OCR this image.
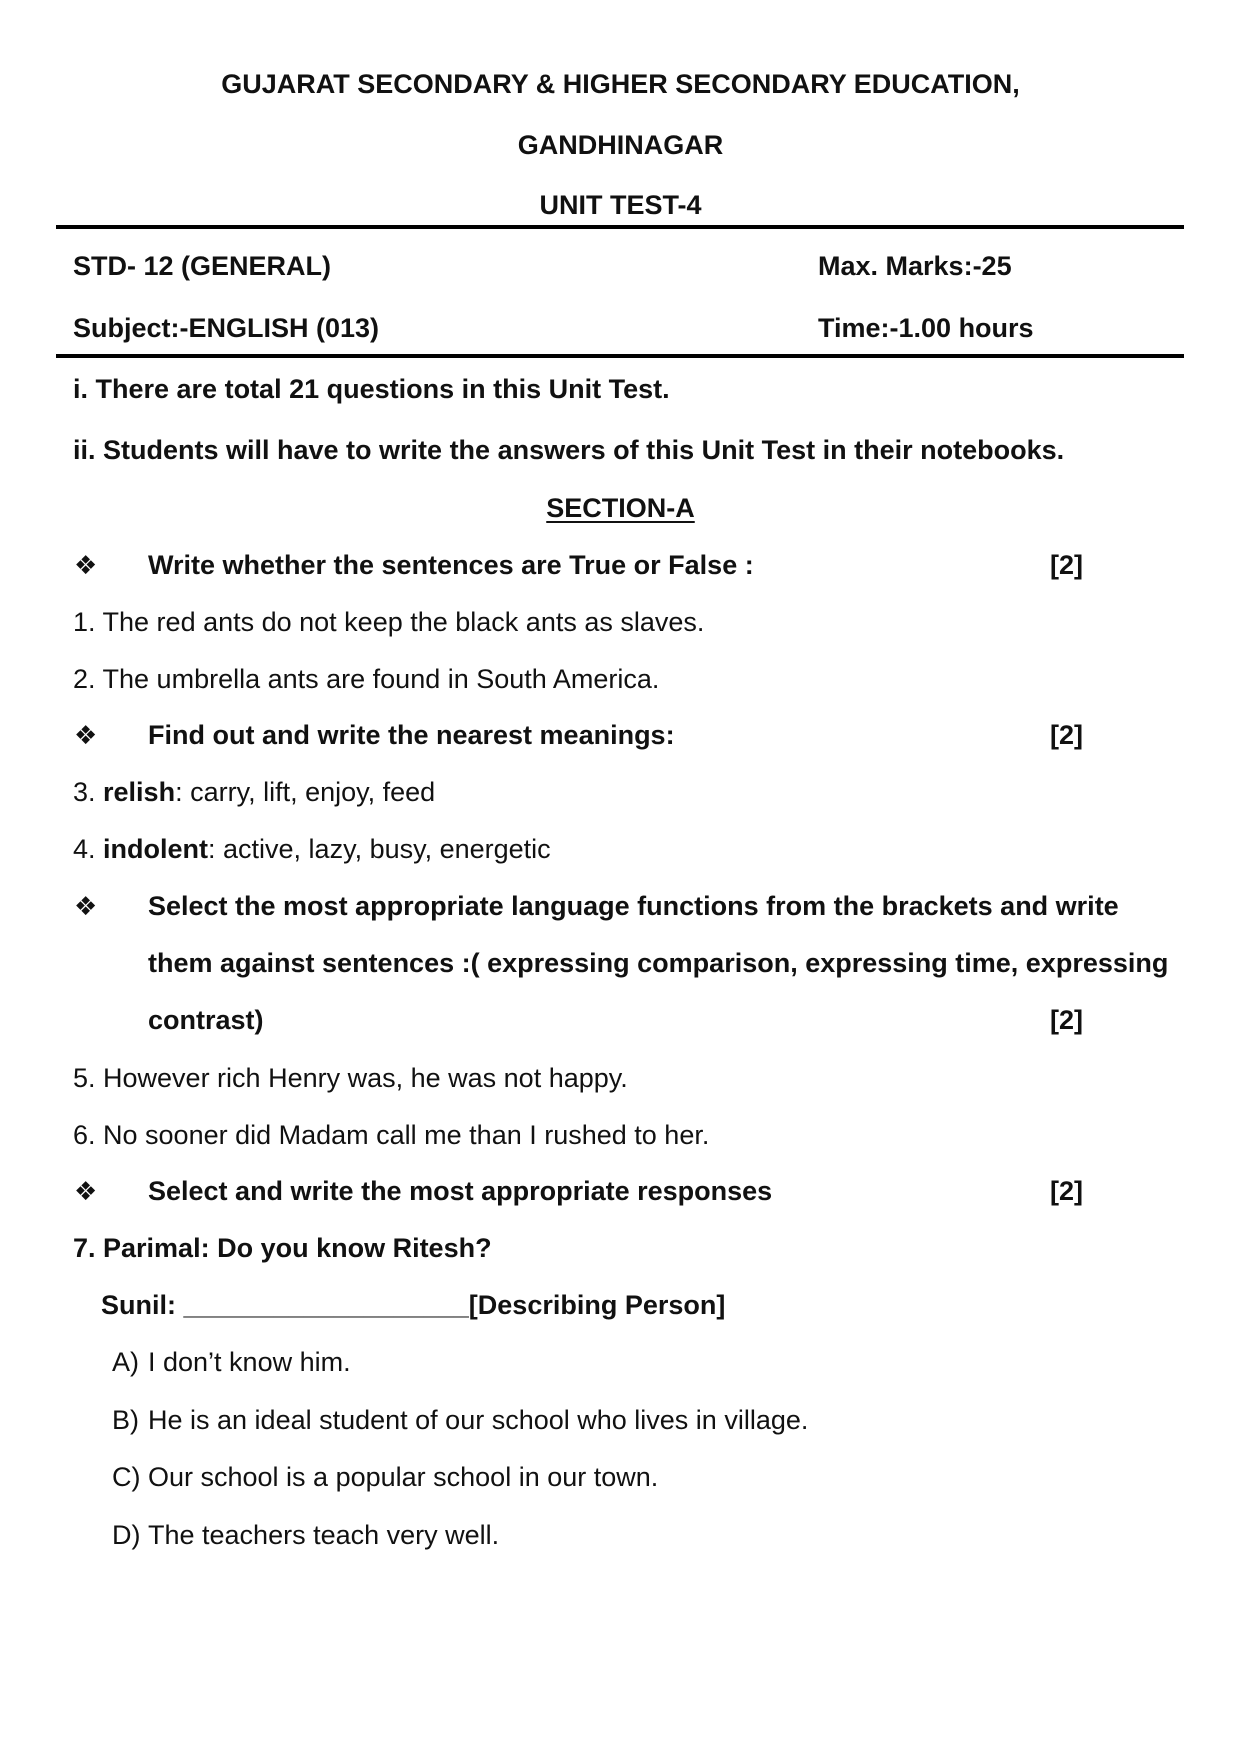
GUJARAT SECONDARY & HIGHER SECONDARY EDUCATION,
GANDHINAGAR
UNIT TEST-4
STD- 12 (GENERAL)	Max. Marks:-25
Subject:-ENGLISH (013)	Time:-1.00 hours
i. There are total 21 questions in this Unit Test.
ii. Students will have to write the answers of this Unit Test in their notebooks.
SECTION-A
❖ Write whether the sentences are True or False :	[2]
1. The red ants do not keep the black ants as slaves.
2. The umbrella ants are found in South America.
❖ Find out and write the nearest meanings:	[2]
3. relish: carry, lift, enjoy, feed
4. indolent: active, lazy, busy, energetic
❖ Select the most appropriate language functions from the brackets and write
them against sentences :( expressing comparison, expressing time, expressing
contrast)	[2]
5. However rich Henry was, he was not happy.
6. No sooner did Madam call me than I rushed to her.
❖ Select and write the most appropriate responses	[2]
7. Parimal: Do you know Ritesh?
Sunil: ___________________[Describing Person]
A) I don’t know him.
B) He is an ideal student of our school who lives in village.
C) Our school is a popular school in our town.
D) The teachers teach very well.
